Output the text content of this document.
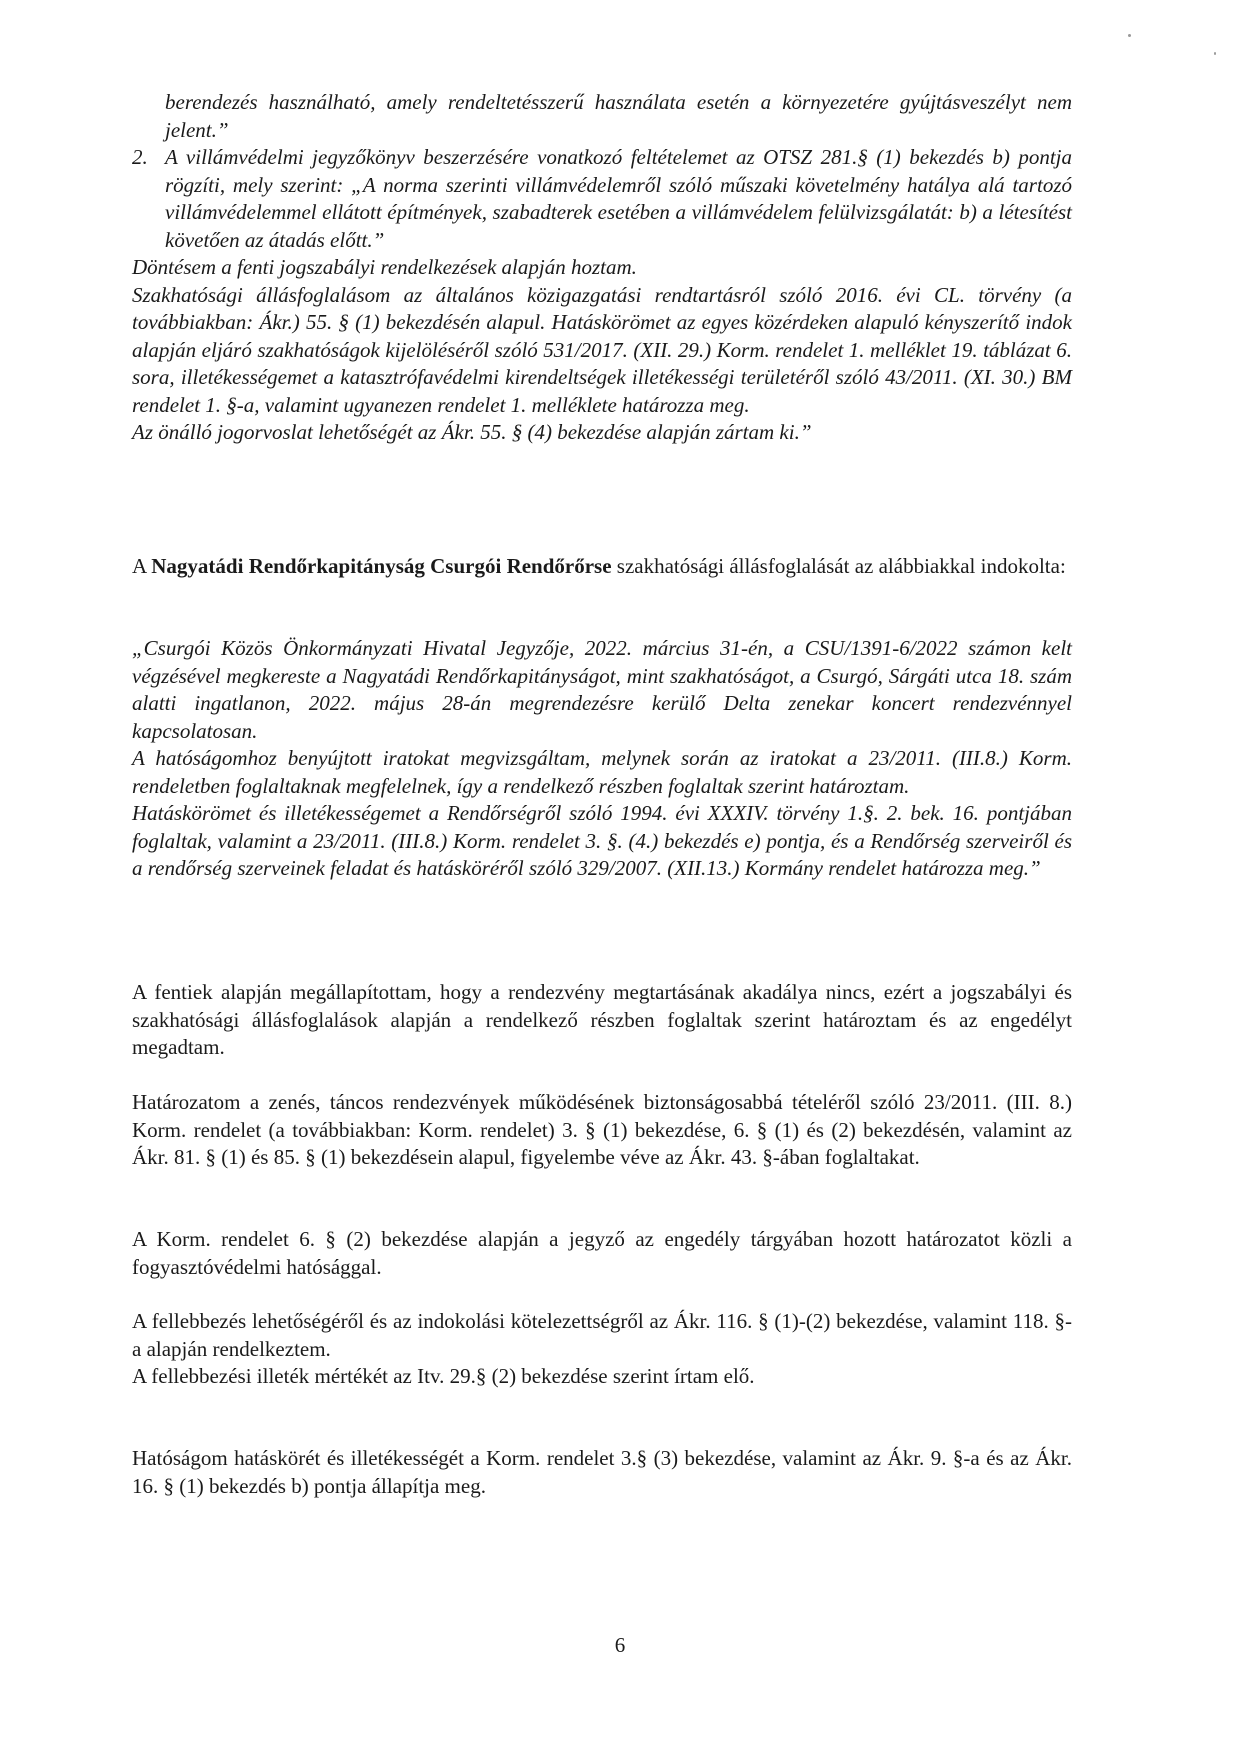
berendezés használható, amely rendeltetésszerű használata esetén a környezetére gyújtásveszélyt nem jelent.”

2. A villámvédelmi jegyzőkönyv beszerzésére vonatkozó feltételemet az OTSZ 281.§ (1) bekezdés b) pontja rögzíti, mely szerint: „A norma szerinti villámvédelemről szóló műszaki követelmény hatálya alá tartozó villámvédelemmel ellátott építmények, szabadterek esetében a villámvédelem felülvizsgálatát: b) a létesítést követően az átadás előtt.”

Döntésem a fenti jogszabályi rendelkezések alapján hoztam.

Szakhatósági állásfoglalásom az általános közigazgatási rendtartásról szóló 2016. évi CL. törvény (a továbbiakban: Ákr.) 55. § (1) bekezdésén alapul. Hatáskörömet az egyes közérdeken alapuló kényszerítő indok alapján eljáró szakhatóságok kijelöléséről szóló 531/2017. (XII. 29.) Korm. rendelet 1. melléklet 19. táblázat 6. sora, illetékességemet a katasztrófavédelmi kirendeltségek illetékességi területéről szóló 43/2011. (XI. 30.) BM rendelet 1. §-a, valamint ugyanezen rendelet 1. melléklete határozza meg.

Az önálló jogorvoslat lehetőségét az Ákr. 55. § (4) bekezdése alapján zártam ki.”

A Nagyatádi Rendőrkapitányság Csurgói Rendőrőrse szakhatósági állásfoglalását az alábbiakkal indokolta:

„Csurgói Közös Önkormányzati Hivatal Jegyzője, 2022. március 31-én, a CSU/1391-6/2022 számon kelt végzésével megkereste a Nagyatádi Rendőrkapitányságot, mint szakhatóságot, a Csurgó, Sárgáti utca 18. szám alatti ingatlanon, 2022. május 28-án megrendezésre kerülő Delta zenekar koncert rendezvénnyel kapcsolatosan.

A hatóságomhoz benyújtott iratokat megvizsgáltam, melynek során az iratokat a 23/2011. (III.8.) Korm. rendeletben foglaltaknak megfelelnek, így a rendelkező részben foglaltak szerint határoztam.

Hatáskörömet és illetékességemet a Rendőrségről szóló 1994. évi XXXIV. törvény 1.§. 2. bek. 16. pontjában foglaltak, valamint a 23/2011. (III.8.) Korm. rendelet 3. §. (4.) bekezdés e) pontja, és a Rendőrség szerveiről és a rendőrség szerveinek feladat és hatásköréről szóló 329/2007. (XII.13.) Kormány rendelet határozza meg.”

A fentiek alapján megállapítottam, hogy a rendezvény megtartásának akadálya nincs, ezért a jogszabályi és szakhatósági állásfoglalások alapján a rendelkező részben foglaltak szerint határoztam és az engedélyt megadtam.

Határozatom a zenés, táncos rendezvények működésének biztonságosabbá tételéről szóló 23/2011. (III. 8.) Korm. rendelet (a továbbiakban: Korm. rendelet) 3. § (1) bekezdése, 6. § (1) és (2) bekezdésén, valamint az Ákr. 81. § (1) és 85. § (1) bekezdésein alapul, figyelembe véve az Ákr. 43. §-ában foglaltakat.

A Korm. rendelet 6. § (2) bekezdése alapján a jegyző az engedély tárgyában hozott határozatot közli a fogyasztóvédelmi hatósággal.

A fellebbezés lehetőségéről és az indokolási kötelezettségről az Ákr. 116. § (1)-(2) bekezdése, valamint 118. §-a alapján rendelkeztem.

A fellebbezési illeték mértékét az Itv. 29.§ (2) bekezdése szerint írtam elő.

Hatóságom hatáskörét és illetékességét a Korm. rendelet 3.§ (3) bekezdése, valamint az Ákr. 9. §-a és az Ákr. 16. § (1) bekezdés b) pontja állapítja meg.

6
